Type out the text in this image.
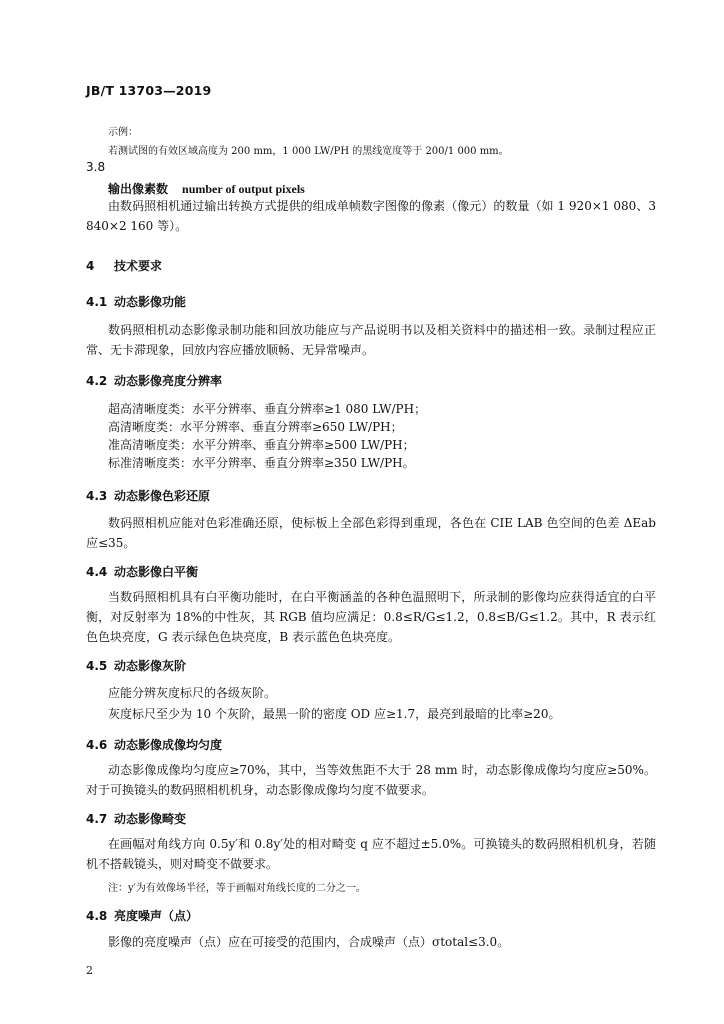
JB/T 13703—2019
示例：
若测试图的有效区域高度为 200 mm，1 000 LW/PH 的黑线宽度等于 200/1 000 mm。
3.8
输出像素数 number of output pixels
由数码照相机通过输出转换方式提供的组成单帧数字图像的像素（像元）的数量（如 1 920×1 080、3 840×2 160 等）。
4 技术要求
4.1 动态影像功能
数码照相机动态影像录制功能和回放功能应与产品说明书以及相关资料中的描述相一致。录制过程应正常、无卡滞现象，回放内容应播放顺畅、无异常噪声。
4.2 动态影像亮度分辨率
超高清晰度类：水平分辨率、垂直分辨率≥1 080 LW/PH；
高清晰度类：水平分辨率、垂直分辨率≥650 LW/PH；
准高清晰度类：水平分辨率、垂直分辨率≥500 LW/PH；
标准清晰度类：水平分辨率、垂直分辨率≥350 LW/PH。
4.3 动态影像色彩还原
数码照相机应能对色彩准确还原，使标板上全部色彩得到重现，各色在 CIE LAB 色空间的色差 ΔEab 应≤35。
4.4 动态影像白平衡
当数码照相机具有白平衡功能时，在白平衡涵盖的各种色温照明下，所录制的影像均应获得适宜的白平衡，对反射率为 18%的中性灰，其 RGB 值均应满足：0.8≤R/G≤1.2，0.8≤B/G≤1.2。其中，R 表示红色色块亮度，G 表示绿色色块亮度，B 表示蓝色色块亮度。
4.5 动态影像灰阶
应能分辨灰度标尺的各级灰阶。
灰度标尺至少为 10 个灰阶，最黑一阶的密度 OD 应≥1.7，最亮到最暗的比率≥20。
4.6 动态影像成像均匀度
动态影像成像均匀度应≥70%，其中，当等效焦距不大于 28 mm 时，动态影像成像均匀度应≥50%。对于可换镜头的数码照相机机身，动态影像成像均匀度不做要求。
4.7 动态影像畸变
在画幅对角线方向 0.5y′和 0.8y′处的相对畸变 q 应不超过±5.0%。可换镜头的数码照相机机身，若随机不搭载镜头，则对畸变不做要求。
注：y′为有效像场半径，等于画幅对角线长度的二分之一。
4.8 亮度噪声（点）
影像的亮度噪声（点）应在可接受的范围内，合成噪声（点）σtotal≤3.0。
2
